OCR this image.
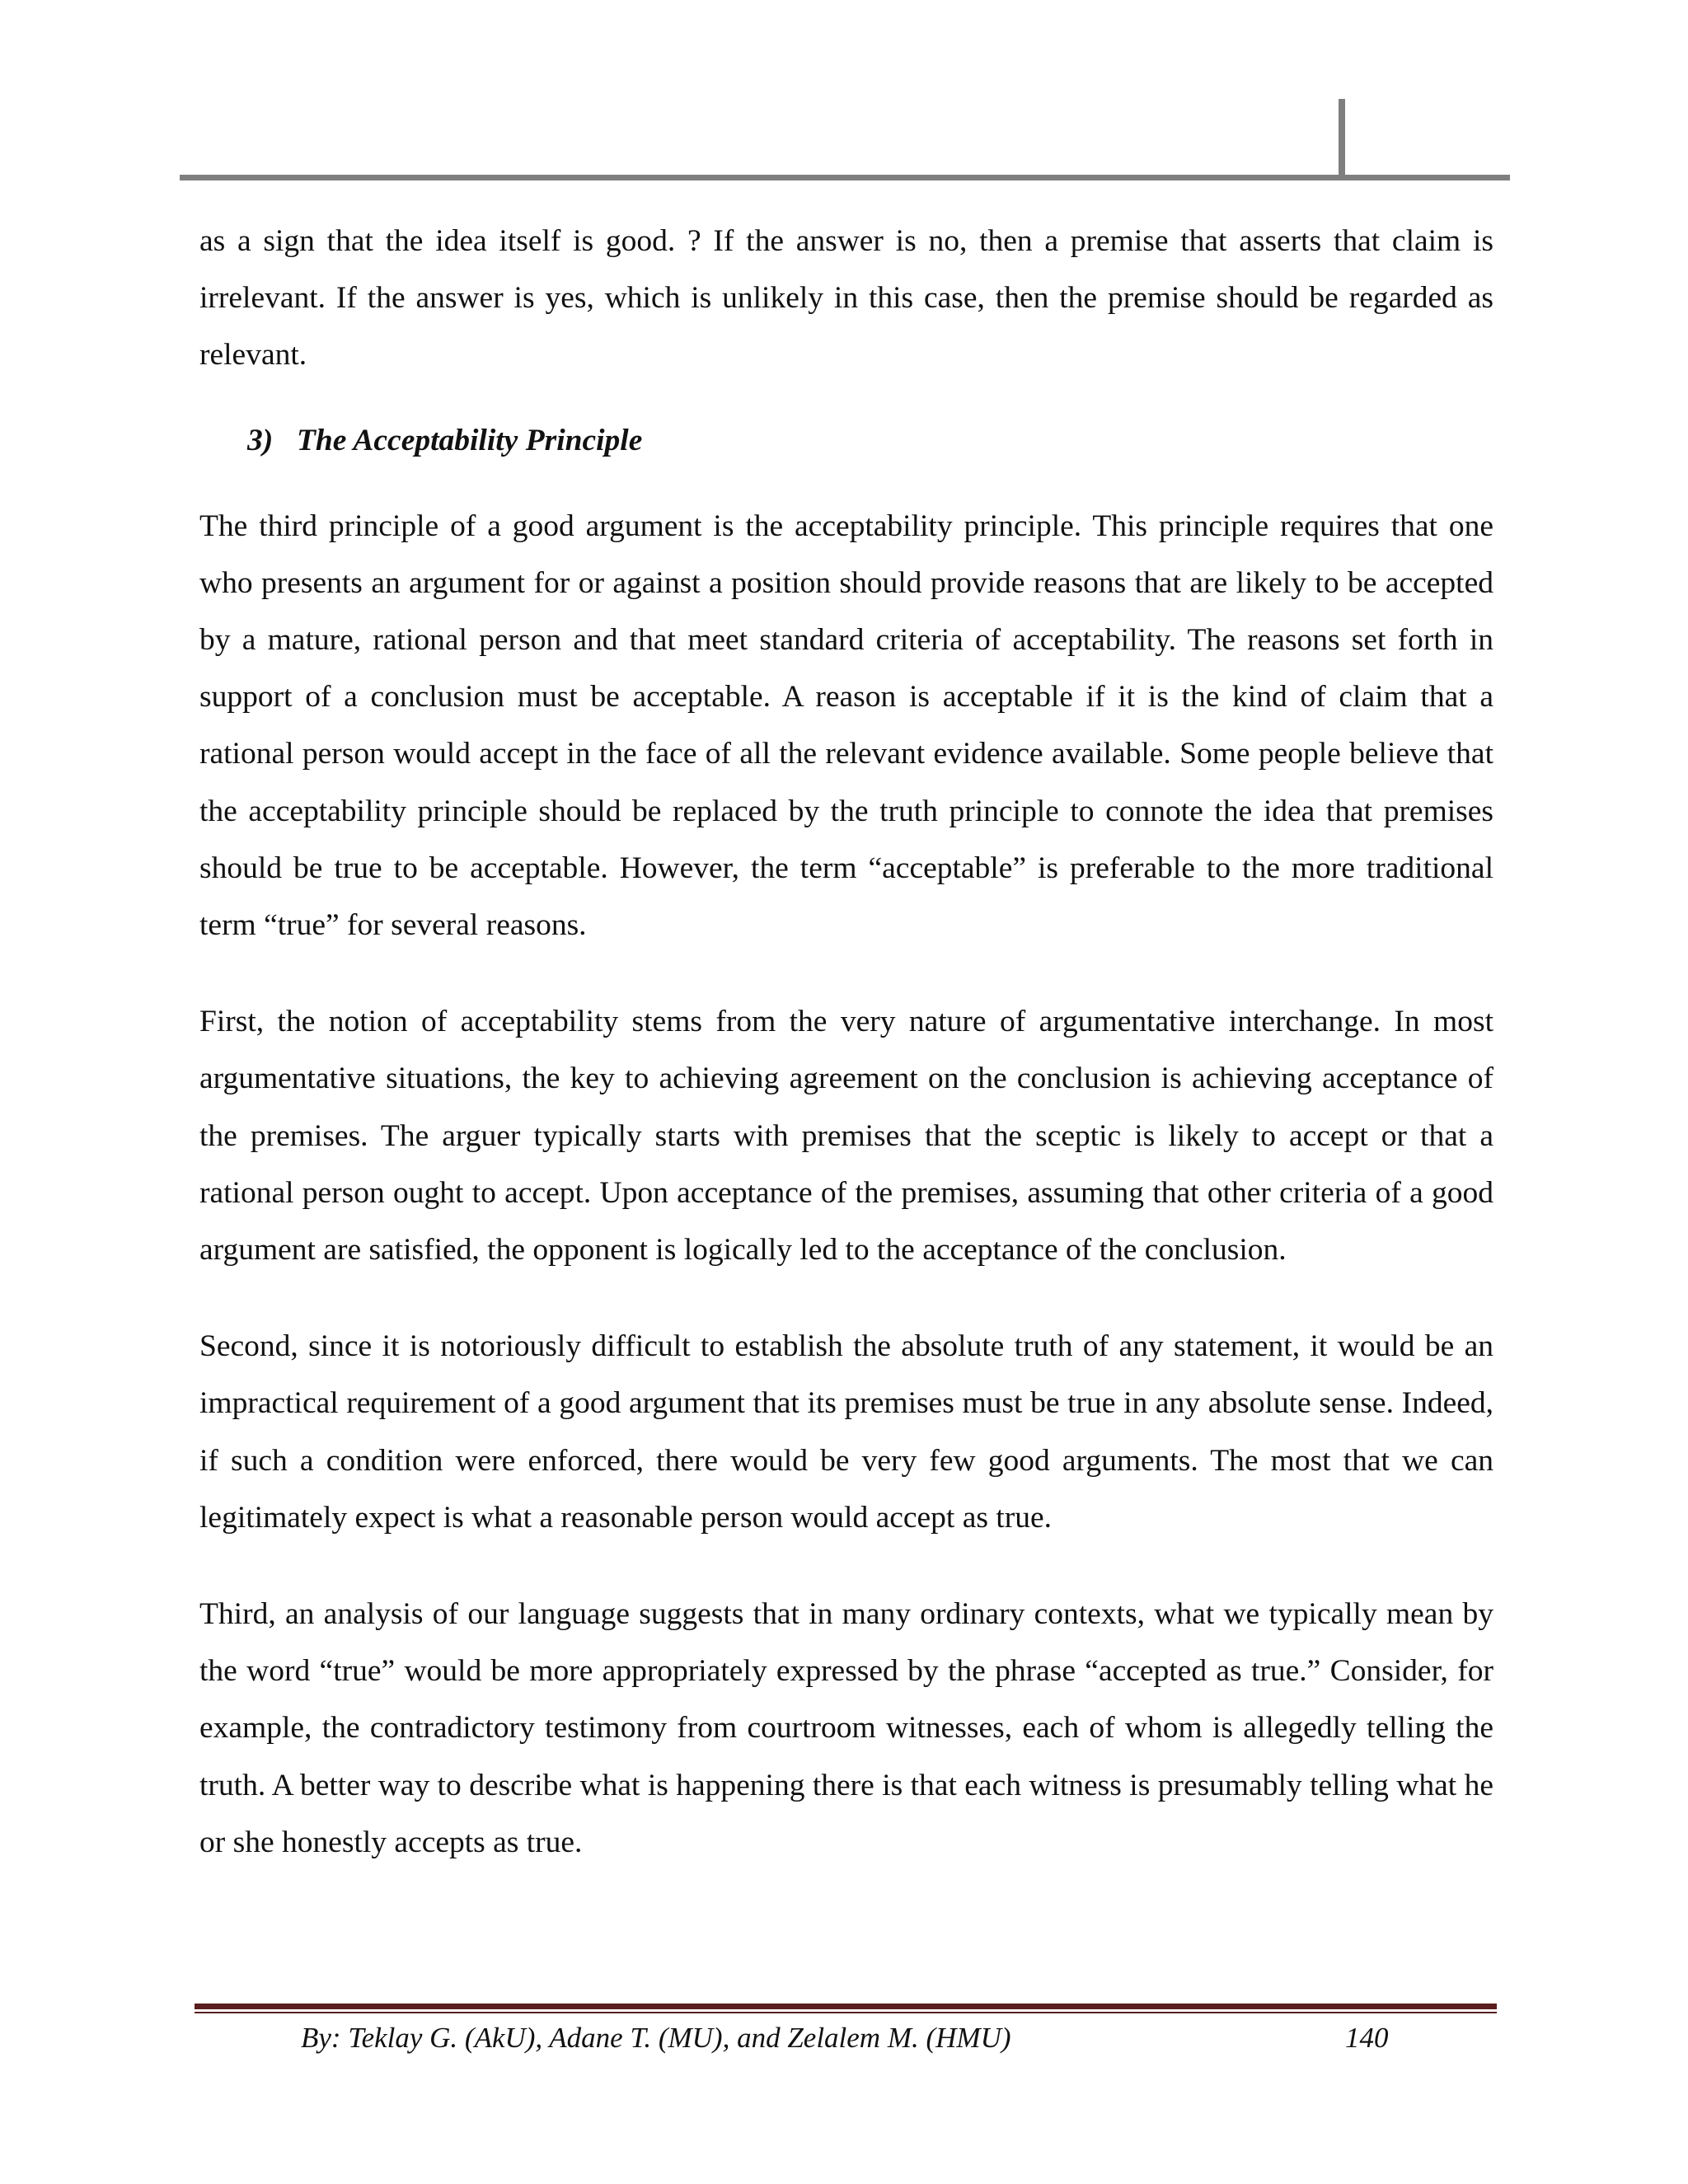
as a sign that the idea itself is good. ? If the answer is no, then a premise that asserts that claim is irrelevant. If the answer is yes, which is unlikely in this case, then the premise should be regarded as relevant.

3) The Acceptability Principle

The third principle of a good argument is the acceptability principle. This principle requires that one who presents an argument for or against a position should provide reasons that are likely to be accepted by a mature, rational person and that meet standard criteria of acceptability. The reasons set forth in support of a conclusion must be acceptable. A reason is acceptable if it is the kind of claim that a rational person would accept in the face of all the relevant evidence available. Some people believe that the acceptability principle should be replaced by the truth principle to connote the idea that premises should be true to be acceptable. However, the term “acceptable” is preferable to the more traditional term “true” for several reasons.

First, the notion of acceptability stems from the very nature of argumentative interchange. In most argumentative situations, the key to achieving agreement on the conclusion is achieving acceptance of the premises. The arguer typically starts with premises that the sceptic is likely to accept or that a rational person ought to accept. Upon acceptance of the premises, assuming that other criteria of a good argument are satisfied, the opponent is logically led to the acceptance of the conclusion.

Second, since it is notoriously difficult to establish the absolute truth of any statement, it would be an impractical requirement of a good argument that its premises must be true in any absolute sense. Indeed, if such a condition were enforced, there would be very few good arguments. The most that we can legitimately expect is what a reasonable person would accept as true.

Third, an analysis of our language suggests that in many ordinary contexts, what we typically mean by the word “true” would be more appropriately expressed by the phrase “accepted as true.” Consider, for example, the contradictory testimony from courtroom witnesses, each of whom is allegedly telling the truth. A better way to describe what is happening there is that each witness is presumably telling what he or she honestly accepts as true.

By: Teklay G. (AkU), Adane T. (MU), and Zelalem M. (HMU)	140
